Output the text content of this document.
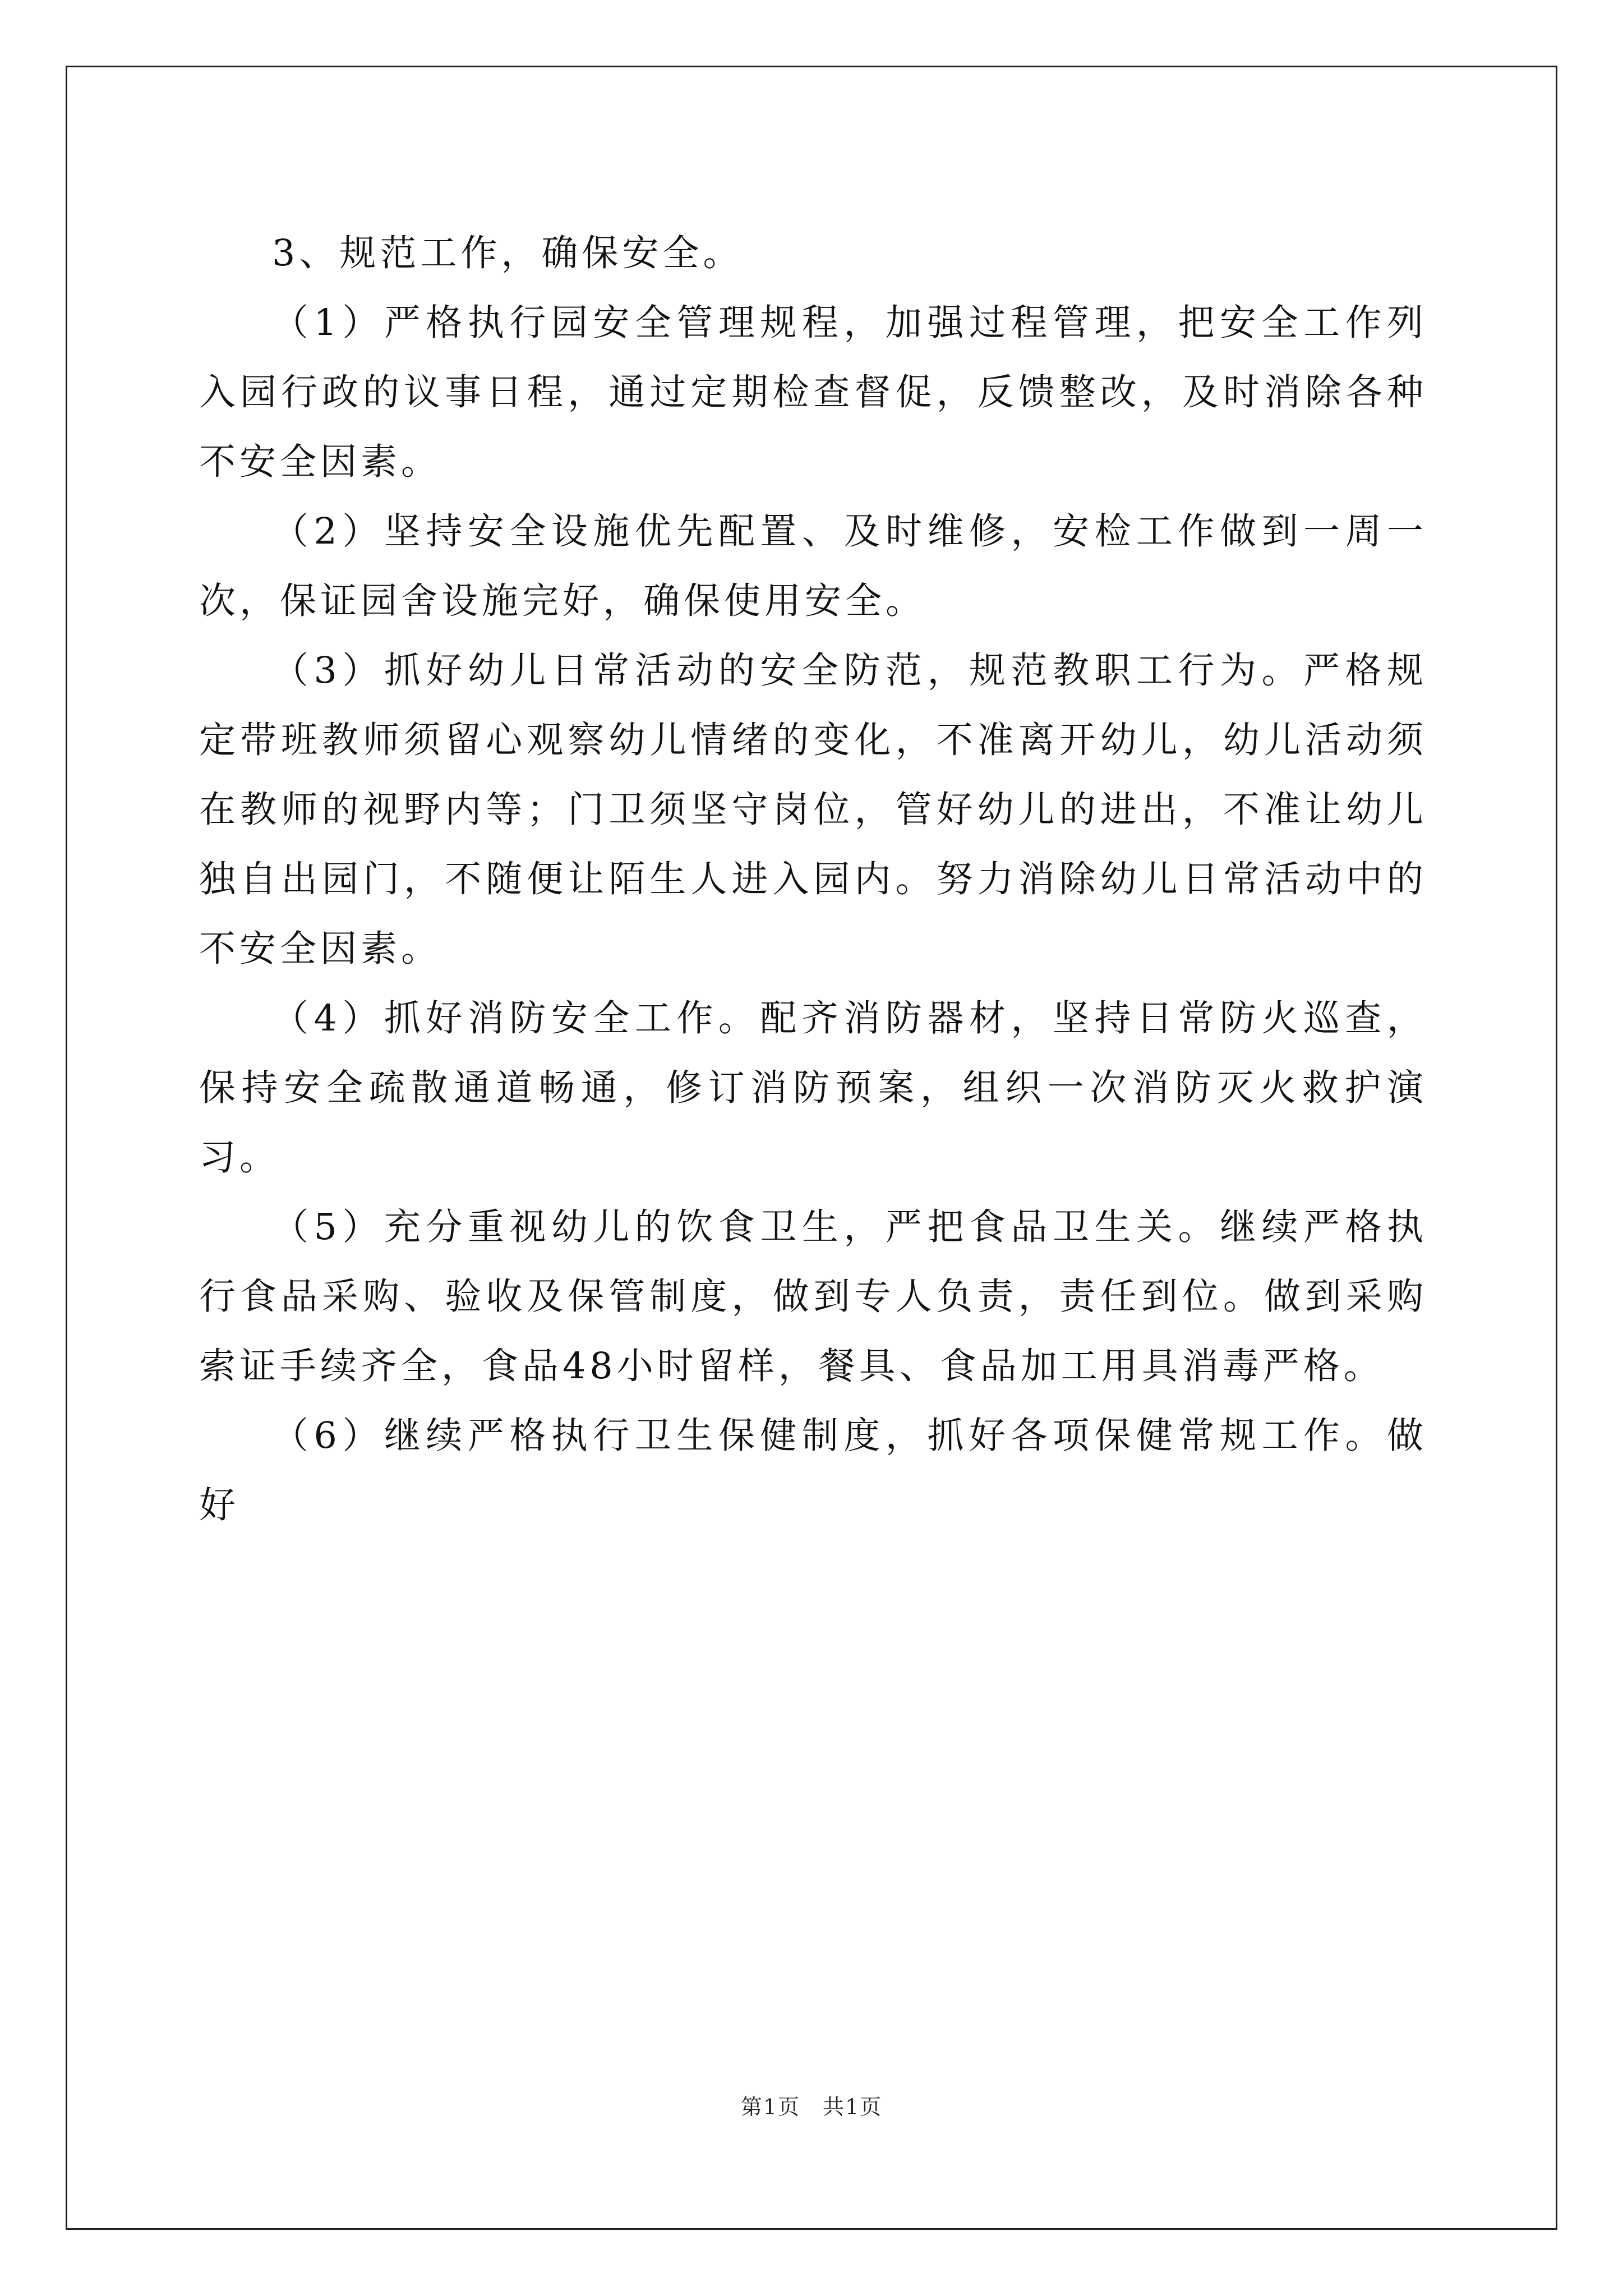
3、规范工作，确保安全。

（1）严格执行园安全管理规程，加强过程管理，把安全工作列入园行政的议事日程，通过定期检查督促，反馈整改，及时消除各种不安全因素。

（2）坚持安全设施优先配置、及时维修，安检工作做到一周一次，保证园舍设施完好，确保使用安全。

（3）抓好幼儿日常活动的安全防范，规范教职工行为。严格规定带班教师须留心观察幼儿情绪的变化，不准离开幼儿，幼儿活动须在教师的视野内等；门卫须坚守岗位，管好幼儿的进出，不准让幼儿独自出园门，不随便让陌生人进入园内。努力消除幼儿日常活动中的不安全因素。

（4）抓好消防安全工作。配齐消防器材，坚持日常防火巡查，保持安全疏散通道畅通，修订消防预案，组织一次消防灭火救护演习。

（5）充分重视幼儿的饮食卫生，严把食品卫生关。继续严格执行食品采购、验收及保管制度，做到专人负责，责任到位。做到采购索证手续齐全，食品48小时留样，餐具、食品加工用具消毒严格。

（6）继续严格执行卫生保健制度，抓好各项保健常规工作。做好

第1页　共1页
